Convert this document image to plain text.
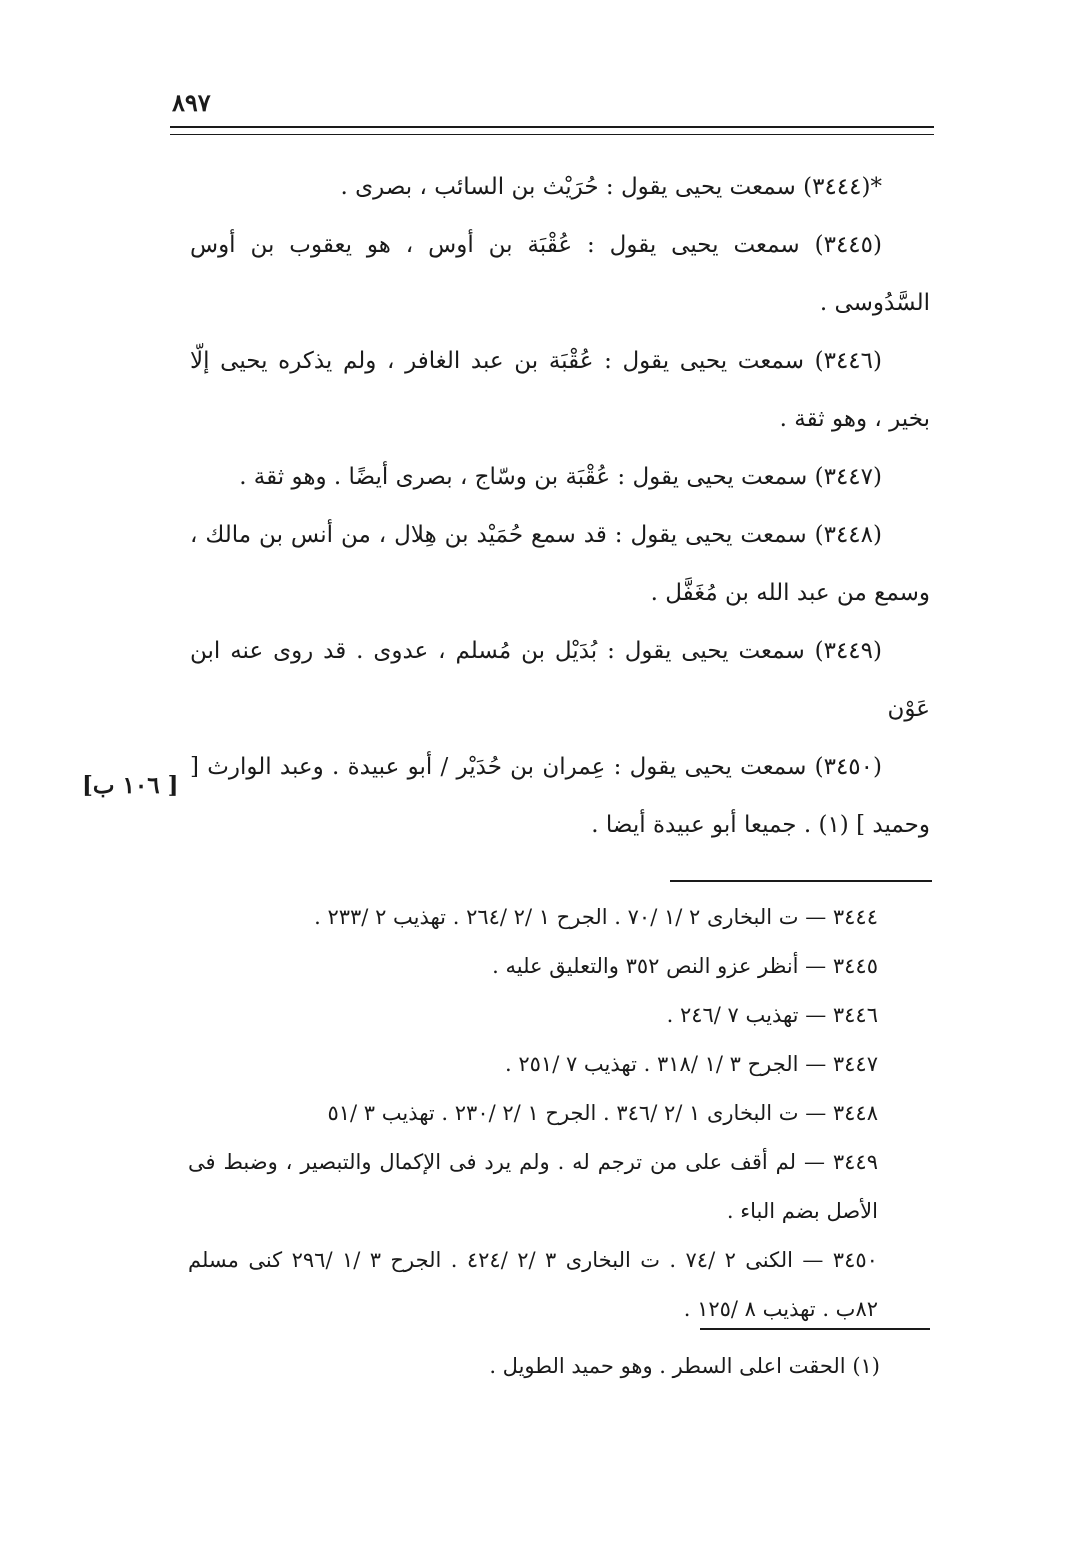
٨٩٧

*(٣٤٤٤) سمعت يحيى يقول : حُرَيْث بن السائب ، بصرى .

(٣٤٤٥) سمعت يحيى يقول : عُقْبَة بن أوس ، هو يعقوب بن أوس السَّدُوسى .

(٣٤٤٦) سمعت يحيى يقول : عُقْبَة بن عبد الغافر ، ولم يذكره يحيى إلّا بخير ، وهو ثقة .

(٣٤٤٧) سمعت يحيى يقول : عُقْبَة بن وسّاج ، بصرى أيضًا . وهو ثقة .

(٣٤٤٨) سمعت يحيى يقول : قد سمع حُمَيْد بن هِلال ، من أنس بن مالك ، وسمع من عبد الله بن مُغَفَّل .

(٣٤٤٩) سمعت يحيى يقول : بُدَيْل بن مُسلم ، عدوى . قد روى عنه ابن عَوْن

(٣٤٥٠) سمعت يحيى يقول : عِمران بن حُدَيْر / أبو عبيدة . وعبد الوارث [ وحميد ] (١) . جميعا أبو عبيدة أيضا .

[ ١٠٦ ب]

٣٤٤٤ — ت البخارى ٢ /١ /٧٠ . الجرح ١ /٢ /٢٦٤ . تهذيب ٢ /٢٣٣ .

٣٤٤٥ — أنظر عزو النص ٣٥٢ والتعليق عليه .

٣٤٤٦ — تهذيب ٧ /٢٤٦ .

٣٤٤٧ — الجرح ٣ /١ /٣١٨ . تهذيب ٧ /٢٥١ .

٣٤٤٨ — ت البخارى ١ /٢ /٣٤٦ . الجرح ١ /٢ /٢٣٠ . تهذيب ٣ /٥١

٣٤٤٩ — لم أقف على من ترجم له . ولم يرد فى الإكمال والتبصير ، وضبط فى الأصل بضم الباء .

٣٤٥٠ — الكنى ٢ /٧٤ . ت البخارى ٣ /٢ /٤٢٤ . الجرح ٣ /١ /٢٩٦ كنى مسلم ٨٢ب . تهذيب ٨ /١٢٥ .

(١) الحقت اعلى السطر . وهو حميد الطويل .
